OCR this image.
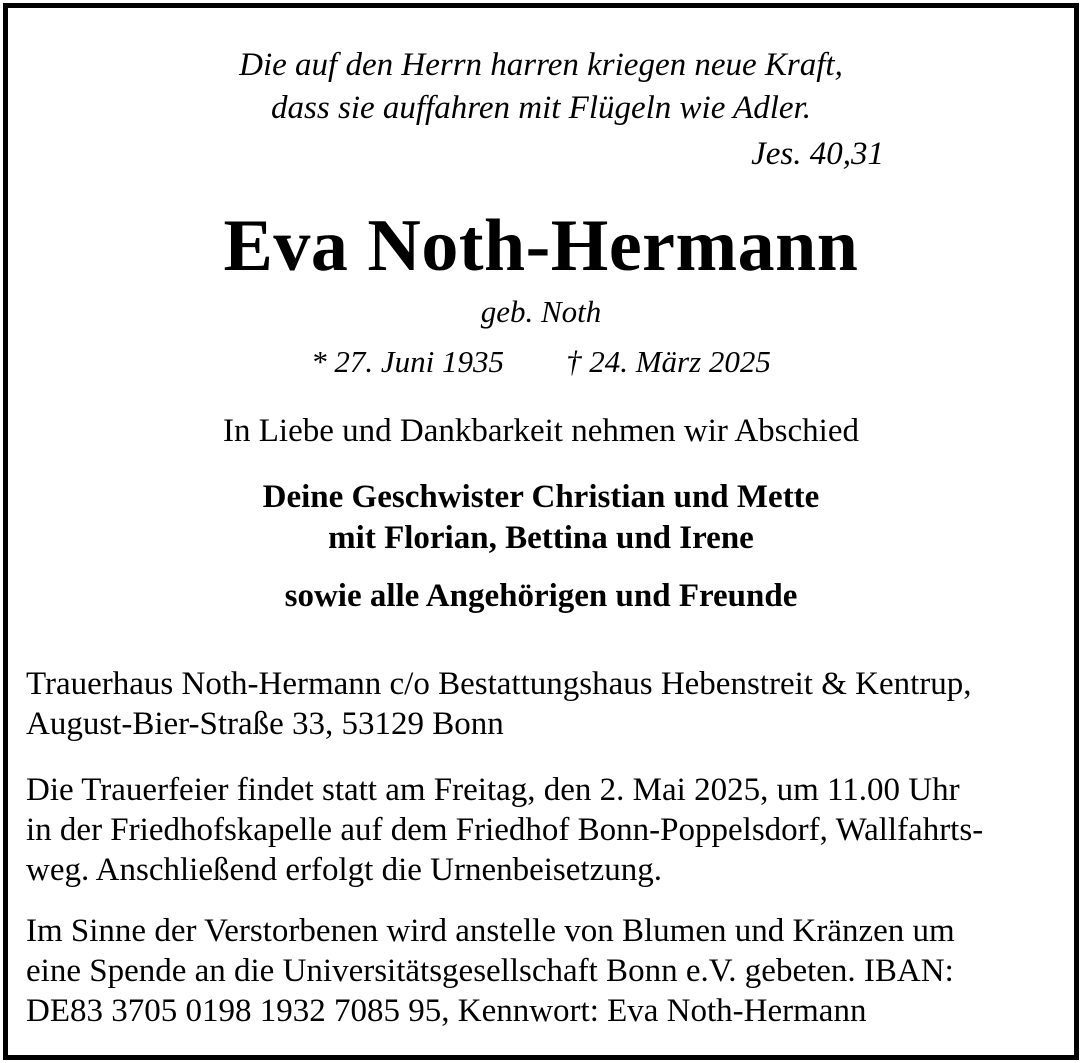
Die auf den Herrn harren kriegen neue Kraft,
dass sie auffahren mit Flügeln wie Adler.
Jes. 40,31
Eva Noth-Hermann
geb. Noth
* 27. Juni 1935 † 24. März 2025
In Liebe und Dankbarkeit nehmen wir Abschied
Deine Geschwister Christian und Mette
mit Florian, Bettina und Irene
sowie alle Angehörigen und Freunde
Trauerhaus Noth-Hermann c/o Bestattungshaus Hebenstreit & Kentrup,
August-Bier-Straße 33, 53129 Bonn
Die Trauerfeier findet statt am Freitag, den 2. Mai 2025, um 11.00 Uhr
in der Friedhofskapelle auf dem Friedhof Bonn-Poppelsdorf, Wallfahrts-
weg. Anschließend erfolgt die Urnenbeisetzung.
Im Sinne der Verstorbenen wird anstelle von Blumen und Kränzen um
eine Spende an die Universitätsgesellschaft Bonn e.V. gebeten. IBAN:
DE83 3705 0198 1932 7085 95, Kennwort: Eva Noth-Hermann
